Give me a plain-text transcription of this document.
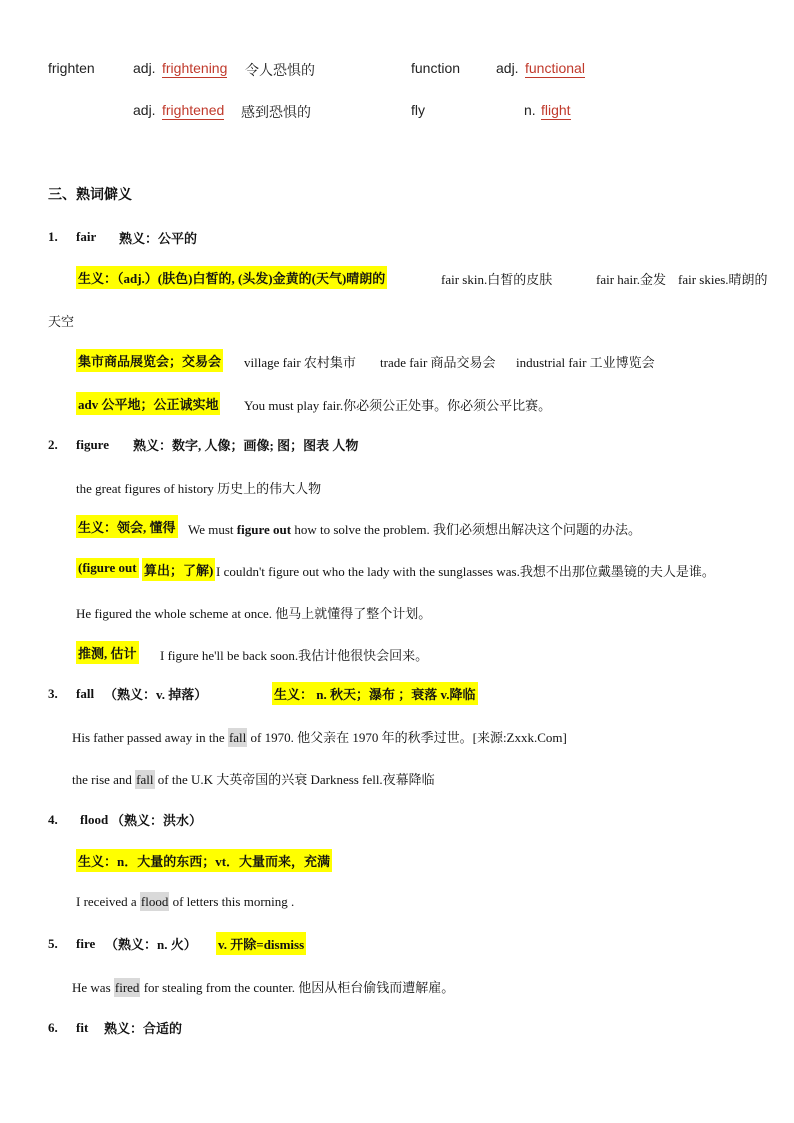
frighten	adj. frightening 令人恐惧的	function	adj. functional
adj. frightened 感到恐惧的	fly	n. flight
三、熟词僻义
1. fair 熟义：公平的
生义：（adj.）(肤色)白皙的, (头发)金黄的(天气)晴朗的	fair skin.白皙的皮肤	fair hair.金发 fair skies.晴朗的
天空
集市商品展览会；交易会 village fair 农村集市 trade fair 商品交易会 industrial fair 工业博览会
adv 公平地；公正诚实地 You must play fair.你必须公正处事。你必须公平比赛。
2. figure 熟义：数字, 人像；画像; 图；图表 人物
the great figures of history 历史上的伟大人物
生义：领会, 懂得 We must figure out how to solve the problem. 我们必须想出解决这个问题的办法。
(figure out 算出；了解) I couldn't figure out who the lady with the sunglasses was.我想不出那位戴墨镜的夫人是谁。
He figured the whole scheme at once. 他马上就懂得了整个计划。
推测, 估计 I figure he'll be back soon.我估计他很快会回来。
3. fall （熟义：v. 掉落）	生义： n. 秋天；瀑布 ；衰落 v.降临
His father passed away in the fall of 1970. 他父亲在 1970 年的秋季过世。[来源:Zxxk.Com]
the rise and fall of the U.K 大英帝国的兴衰 Darkness fell.夜幕降临
4. flood （熟义：洪水）
生义：n．大量的东西；vt．大量而来，充满
I received a flood of letters this morning .
5. fire （熟义：n. 火） v. 开除=dismiss
He was fired for stealing from the counter. 他因从柜台偷钱而遭解雇。
6. fit 熟义：合适的
